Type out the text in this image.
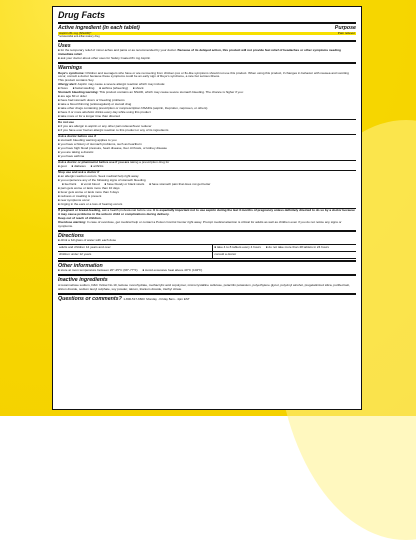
Drug Facts
Active ingredient (in each tablet)	Purpose
Aspirin 81 mg (NSAID)*	Pain reliever
*nonsteroidal anti-inflammatory drug
Uses
■ for the temporary relief of minor aches and pains or as recommended by your doctor. Because of its delayed action, this product will not provide fast relief of headaches or other symptoms needing immediate relief.
■ ask your doctor about other uses for Safety Coated 81 mg Aspirin
Warnings
Reye's syndrome: Children and teenagers who have or are recovering from chicken pox or flu-like symptoms should not use this product. When using this product, if changes in behavior with nausea and vomiting occur, consult a doctor because these symptoms could be an early sign of Reye's syndrome, a rare but serious illness.
This product contains Soy.
Allergy alert: Aspirin may cause a severe allergic reaction which may include:
■ hives ■ facial swelling ■ asthma (wheezing) ■ shock
Stomach bleeding warning: This product contains an NSAID, which may cause severe stomach bleeding. The chance is higher if you:
■ are age 60 or older
■ have had stomach ulcers or bleeding problems
■ take a blood thinning (anticoagulant) or steroid drug
■ take other drugs containing prescription or nonprescription NSAIDs (aspirin, ibuprofen, naproxen, or others)
■ have 3 or more alcoholic drinks every day while using this product
■ take more or for a longer time than directed
Do not use
■ if you are allergic to aspirin or any other pain reliever/fever reducer
■ if you have ever had an allergic reaction to this product or any of its ingredients
Ask a doctor before use if
■ stomach bleeding warning applies to you
■ you have a history of stomach problems, such as heartburn
■ you have high blood pressure, heart disease, liver cirrhosis, or kidney disease
■ you are taking a diuretic
■ you have asthma
Ask a doctor or pharmacist before use if you are taking a prescription drug for
■ gout ■ diabetes ■ arthritis
Stop use and ask a doctor if
■ an allergic reaction occurs. Seek medical help right away.
■ you experience any of the following signs of stomach bleeding
■ feel faint ■ vomit blood ■ have bloody or black stools ■ have stomach pain that does not get better
■ pain gets worse or lasts more than 10 days
■ fever gets worse or lasts more than 3 days
■ redness or swelling is present
■ new symptoms occur
■ ringing in the ears or a loss of hearing occurs
If pregnant or breast-feeding, ask a health professional before use. It is especially important not to use aspirin during the last 3 months of pregnancy unless definitely directed to do so by a doctor because it may cause problems in the unborn child or complications during delivery.
Keep out of reach of children.
Overdose warning: In case of overdose, get medical help or contact a Poison Control Center right away. Prompt medical attention is critical for adults as well as children even if you do not notice any signs or symptoms.
Directions
■ drink a full glass of water with each dose
adults and children 12 years and over	■ take 4 to 8 tablets every 4 hours ■ do not take more than 48 tablets in 24 hours
children under 12 years	consult a doctor
Other information
■ store at room temperature between 20°-25°C (68°-77°F) ■ Avoid excessive heat above 40°C (104°F)
Inactive ingredients
croscarmellose sodium, D&C Yellow No.10, lactose monohydrate, methacrylic acid copolymer, microcrystalline cellulose, polacrilin potassium, polyethylene glycol, polyvinyl alcohol, pregelatinized silica, purified talc, silicon dioxide, sodium lauryl sulphate, soy powder, talcum, titanium dioxide, triethyl citrate
Questions or comments? 1-800-517-6603 Monday - Friday 8am - 4pm EST
